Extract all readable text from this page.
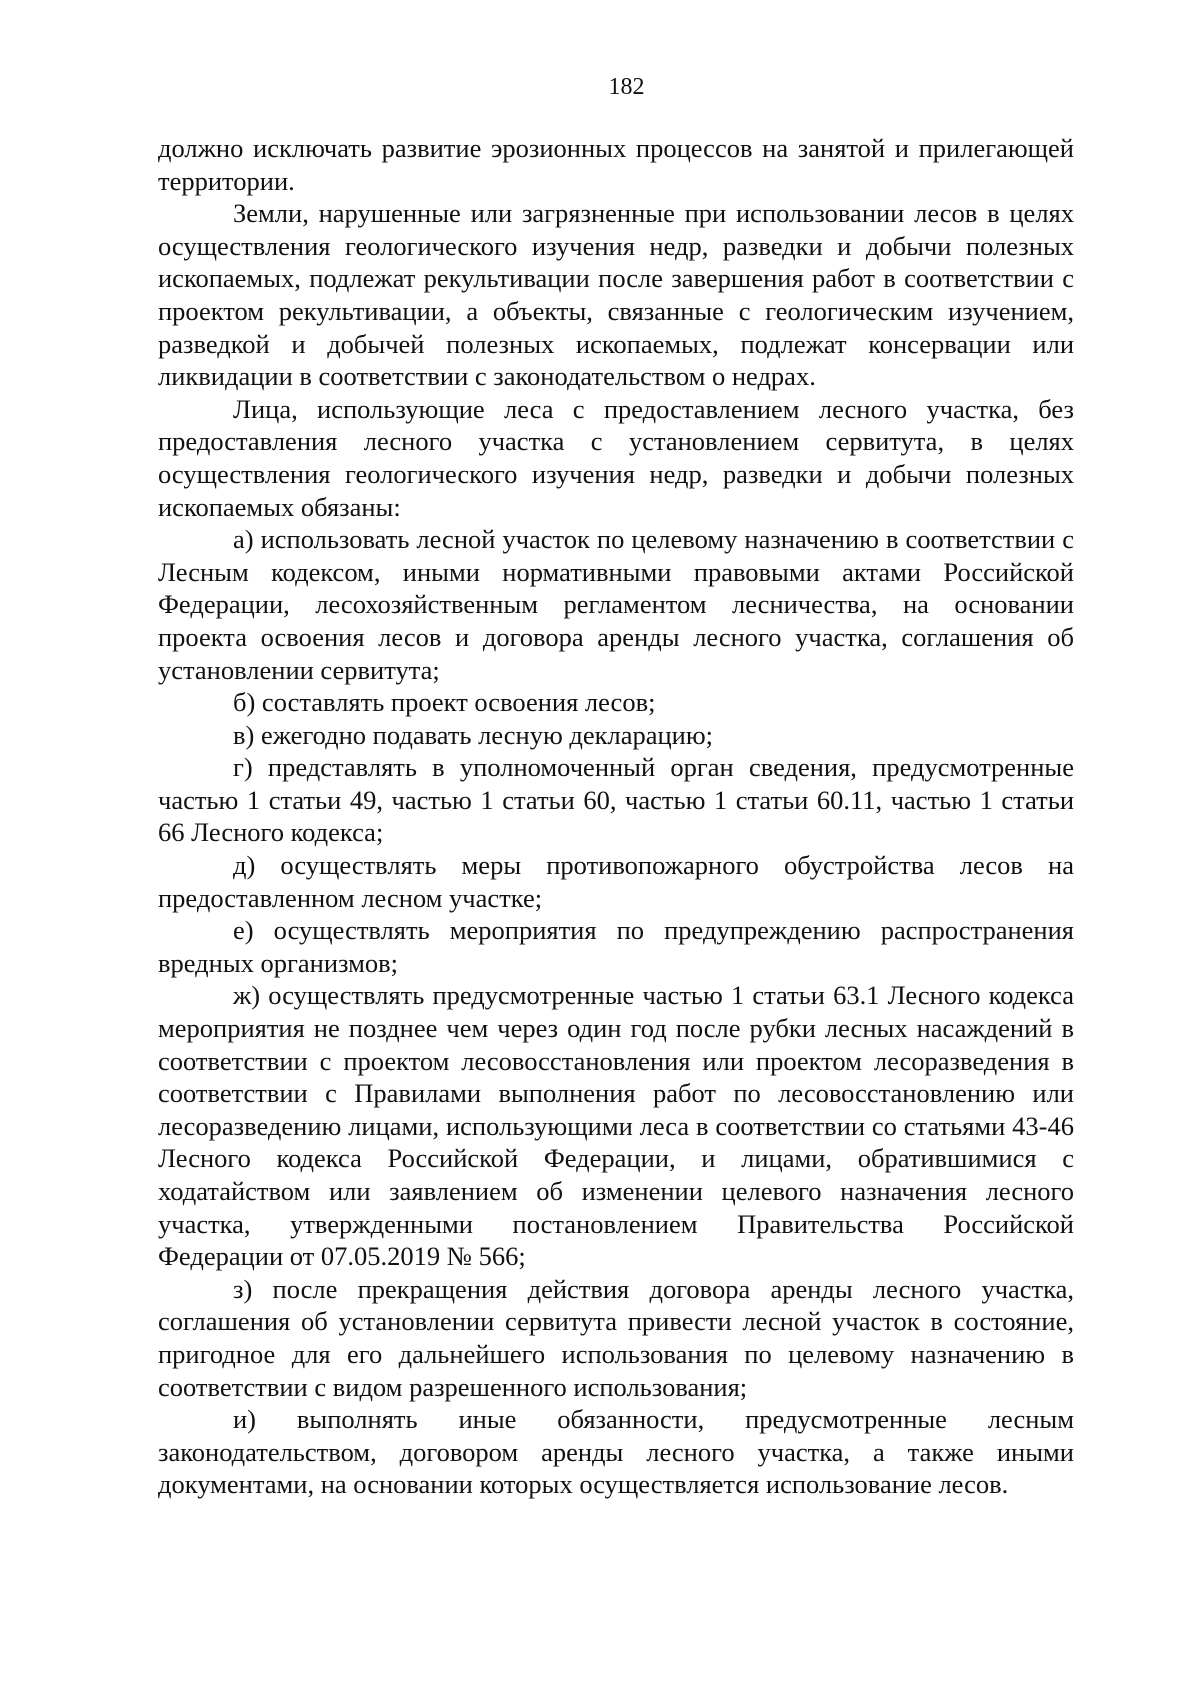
182

должно исключать развитие эрозионных процессов на занятой и прилегающей территории.

Земли, нарушенные или загрязненные при использовании лесов в целях осуществления геологического изучения недр, разведки и добычи полезных ископаемых, подлежат рекультивации после завершения работ в соответствии с проектом рекультивации, а объекты, связанные с геологическим изучением, разведкой и добычей полезных ископаемых, подлежат консервации или ликвидации в соответствии с законодательством о недрах.

Лица, использующие леса с предоставлением лесного участка, без предоставления лесного участка с установлением сервитута, в целях осуществления геологического изучения недр, разведки и добычи полезных ископаемых обязаны:

а) использовать лесной участок по целевому назначению в соответствии с Лесным кодексом, иными нормативными правовыми актами Российской Федерации, лесохозяйственным регламентом лесничества, на основании проекта освоения лесов и договора аренды лесного участка, соглашения об установлении сервитута;

б) составлять проект освоения лесов;

в) ежегодно подавать лесную декларацию;

г) представлять в уполномоченный орган сведения, предусмотренные частью 1 статьи 49, частью 1 статьи 60, частью 1 статьи 60.11, частью 1 статьи 66 Лесного кодекса;

д) осуществлять меры противопожарного обустройства лесов на предоставленном лесном участке;

е) осуществлять мероприятия по предупреждению распространения вредных организмов;

ж) осуществлять предусмотренные частью 1 статьи 63.1 Лесного кодекса мероприятия не позднее чем через один год после рубки лесных насаждений в соответствии с проектом лесовосстановления или проектом лесоразведения в соответствии с Правилами выполнения работ по лесовосстановлению или лесоразведению лицами, использующими леса в соответствии со статьями 43-46 Лесного кодекса Российской Федерации, и лицами, обратившимися с ходатайством или заявлением об изменении целевого назначения лесного участка, утвержденными постановлением Правительства Российской Федерации от 07.05.2019 № 566;

з) после прекращения действия договора аренды лесного участка, соглашения об установлении сервитута привести лесной участок в состояние, пригодное для его дальнейшего использования по целевому назначению в соответствии с видом разрешенного использования;

и) выполнять иные обязанности, предусмотренные лесным законодательством, договором аренды лесного участка, а также иными документами, на основании которых осуществляется использование лесов.
